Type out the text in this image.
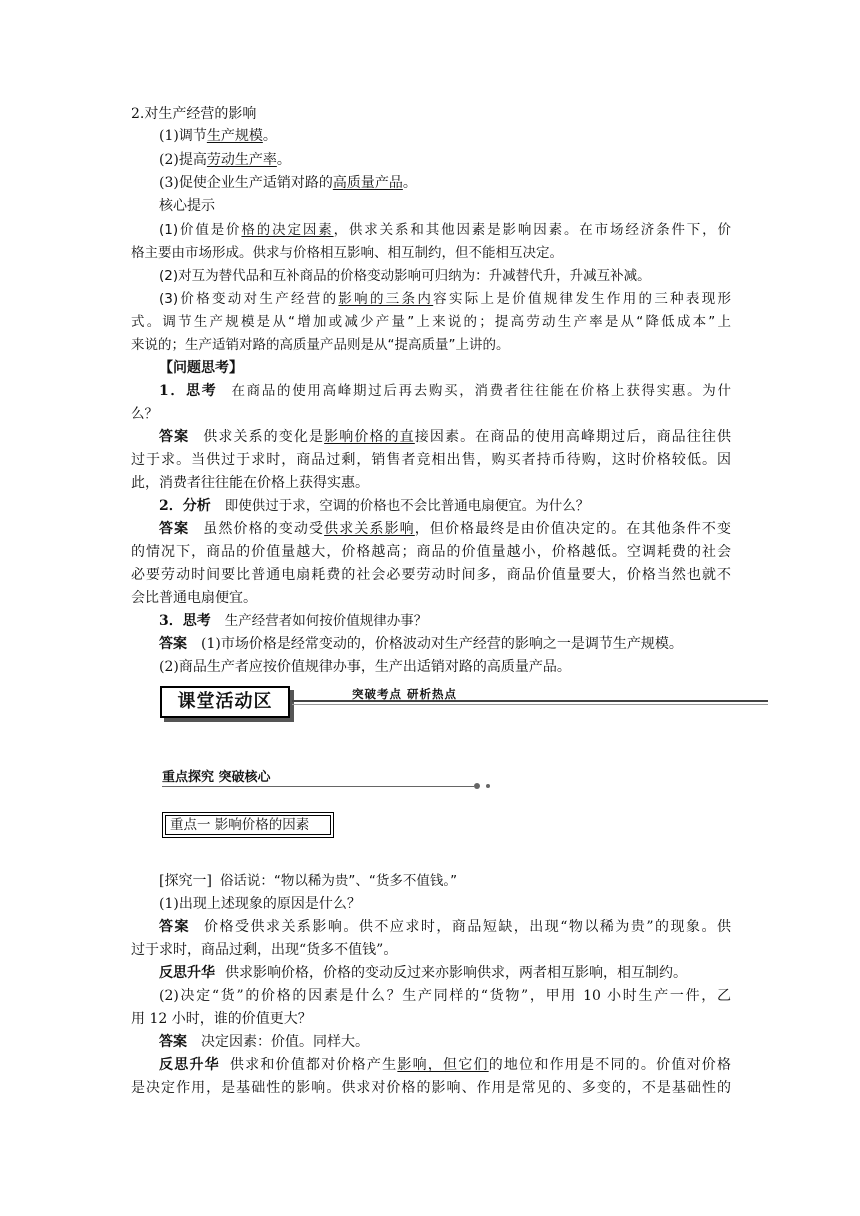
2.对生产经营的影响
(1)调节生产规模。
(2)提高劳动生产率。
(3)促使企业生产适销对路的高质量产品。
核心提示
(1)价值是价格的决定因素，供求关系和其他因素是影响因素。在市场经济条件下，价
格主要由市场形成。供求与价格相互影响、相互制约，但不能相互决定。
(2)对互为替代品和互补商品的价格变动影响可归纳为：升减替代升，升减互补减。
(3)价格变动对生产经营的影响的三条内容实际上是价值规律发生作用的三种表现形
式。调节生产规模是从“增加或减少产量”上来说的；提高劳动生产率是从“降低成本”上
来说的；生产适销对路的高质量产品则是从“提高质量”上讲的。
【问题思考】
1．思考 在商品的使用高峰期过后再去购买，消费者往往能在价格上获得实惠。为什
么？
答案 供求关系的变化是影响价格的直接因素。在商品的使用高峰期过后，商品往往供
过于求。当供过于求时，商品过剩，销售者竞相出售，购买者持币待购，这时价格较低。因
此，消费者往往能在价格上获得实惠。
2．分析 即使供过于求，空调的价格也不会比普通电扇便宜。为什么？
答案 虽然价格的变动受供求关系影响，但价格最终是由价值决定的。在其他条件不变
的情况下，商品的价值量越大，价格越高；商品的价值量越小，价格越低。空调耗费的社会
必要劳动时间要比普通电扇耗费的社会必要劳动时间多，商品价值量要大，价格当然也就不
会比普通电扇便宜。
3．思考 生产经营者如何按价值规律办事？
答案 (1)市场价格是经常变动的，价格波动对生产经营的影响之一是调节生产规模。
(2)商品生产者应按价值规律办事，生产出适销对路的高质量产品。
课堂活动区	突破考点 研析热点
重点探究 突破核心
重点一 影响价格的因素
[探究一] 俗话说：“物以稀为贵”、“货多不值钱。”
(1)出现上述现象的原因是什么？
答案 价格受供求关系影响。供不应求时，商品短缺，出现“物以稀为贵”的现象。供
过于求时，商品过剩，出现“货多不值钱”。
反思升华 供求影响价格，价格的变动反过来亦影响供求，两者相互影响，相互制约。
(2)决定“货”的价格的因素是什么？生产同样的“货物”，甲用 10 小时生产一件，乙
用 12 小时，谁的价值更大？
答案 决定因素：价值。同样大。
反思升华 供求和价值都对价格产生影响，但它们的地位和作用是不同的。价值对价格
是决定作用，是基础性的影响。供求对价格的影响、作用是常见的、多变的，不是基础性的
